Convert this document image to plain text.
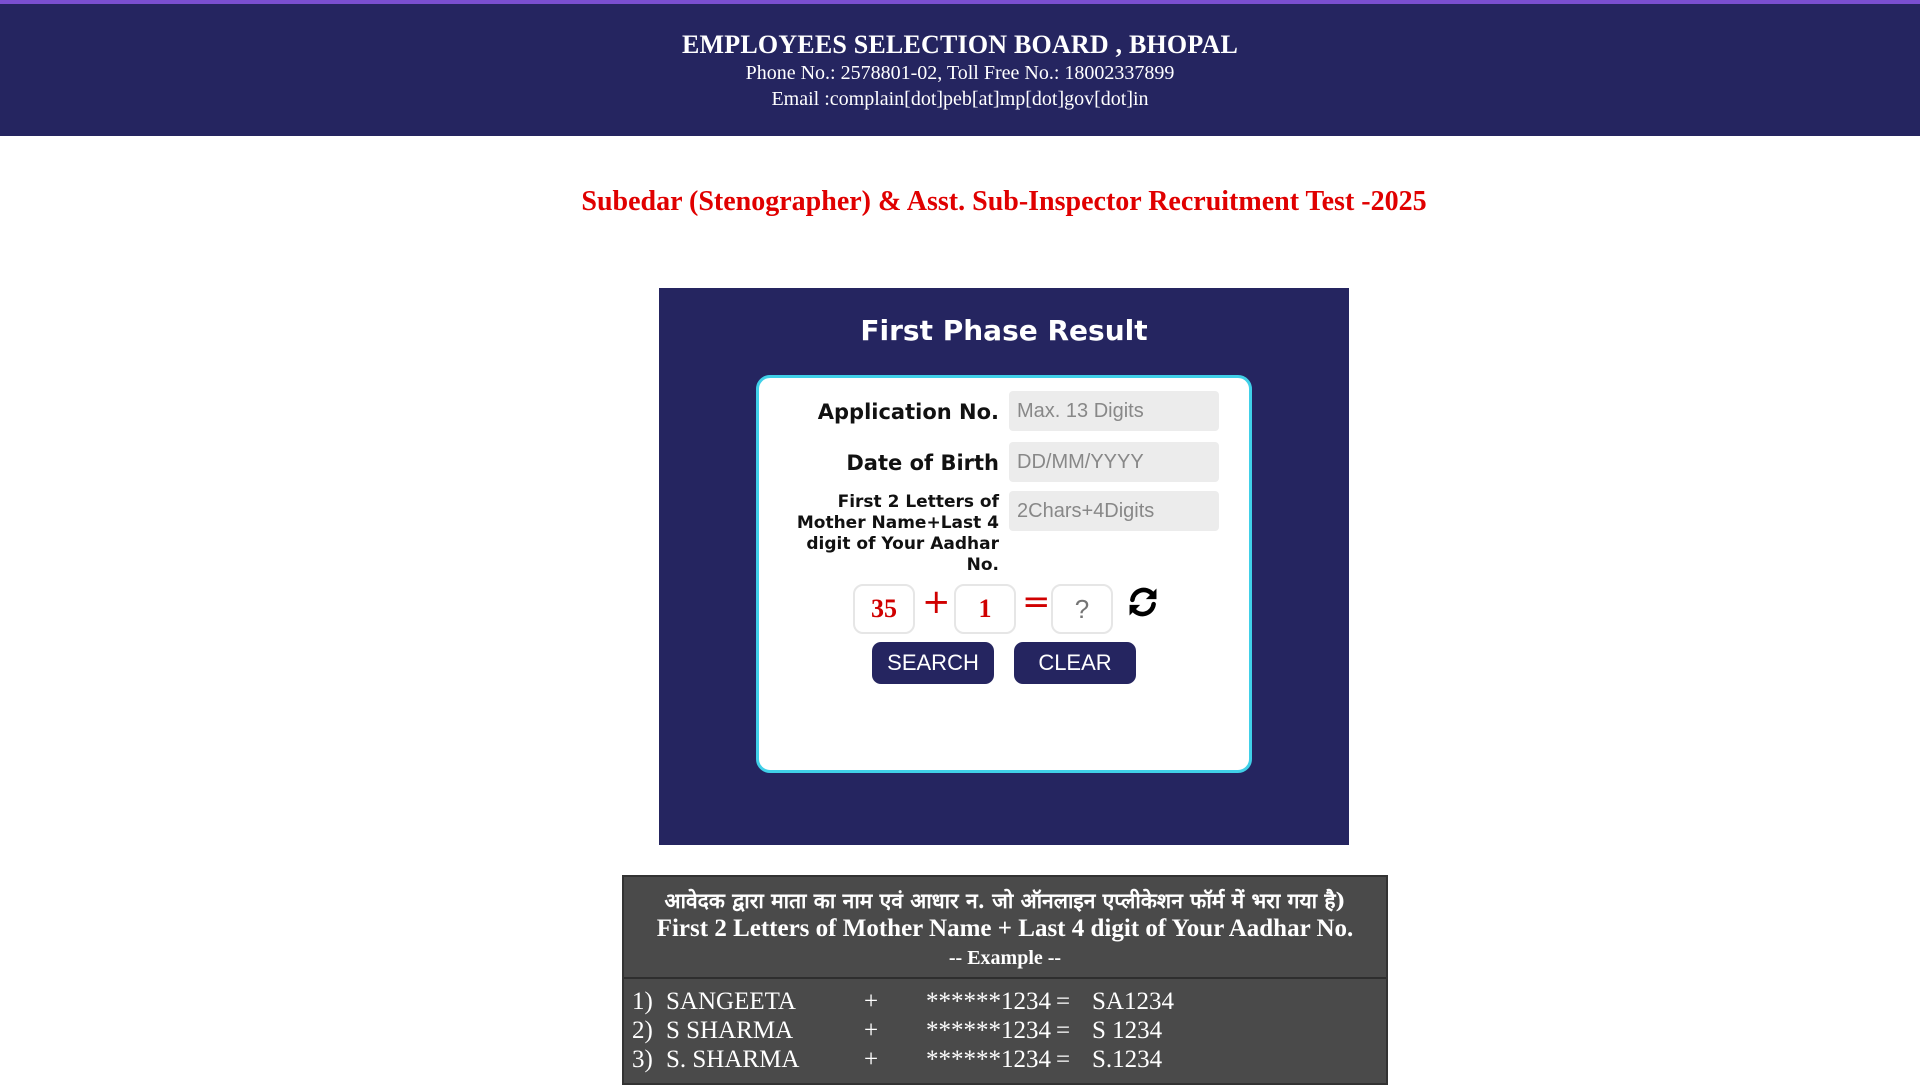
EMPLOYEES SELECTION BOARD , BHOPAL
Phone No.: 2578801-02, Toll Free No.: 18002337899
Email :complain[dot]peb[at]mp[dot]gov[dot]in
Subedar (Stenographer) & Asst. Sub-Inspector Recruitment Test -2025
First Phase Result
Application No.
Max. 13 Digits
Date of Birth
DD/MM/YYYY
First 2 Letters of
Mother Name+Last 4
digit of Your Aadhar
No.
2Chars+4Digits
35 +	1 =
?
SEARCH	CLEAR
आवेदक द्वारा माता का नाम एवं आधार न. जो ऑनलाइन एप्लीकेशन फॉर्म में भरा गया है)
First 2 Letters of Mother Name + Last 4 digit of Your Aadhar No.
-- Example --
1) SANGEETA	+ ******1234 = SA1234
2) S SHARMA	+ ******1234 = S 1234
3) S. SHARMA	+ ******1234 = S.1234
